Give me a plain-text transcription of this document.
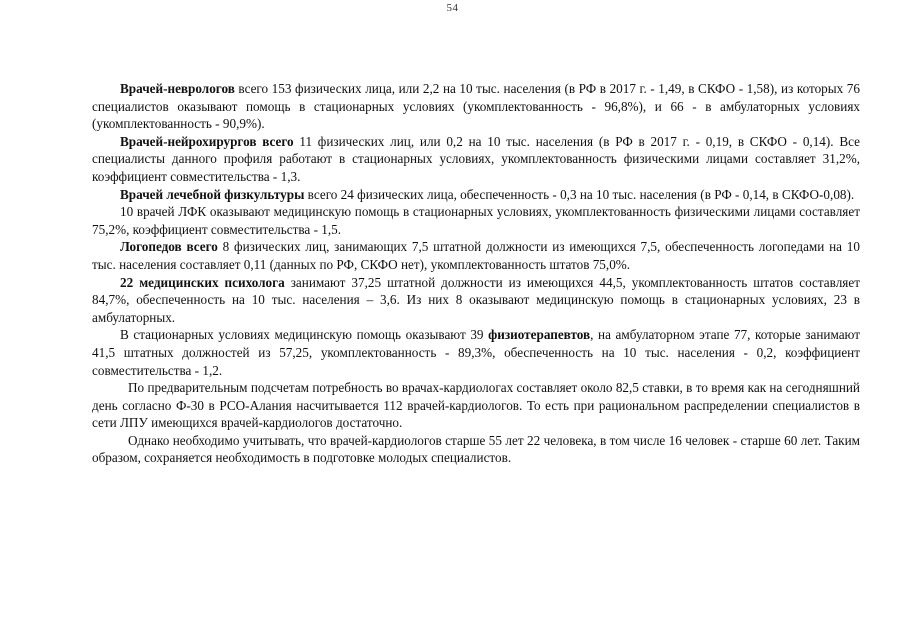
54

Врачей-неврологов всего 153 физических лица, или 2,2 на 10 тыс. населения (в РФ в 2017 г. - 1,49, в СКФО - 1,58), из которых 76 специалистов оказывают помощь в стационарных условиях (укомплектованность - 96,8%), и 66 - в амбулаторных условиях (укомплектованность - 90,9%).

Врачей-нейрохирургов всего 11 физических лиц, или 0,2 на 10 тыс. населения (в РФ в 2017 г. - 0,19, в СКФО - 0,14). Все специалисты данного профиля работают в стационарных условиях, укомплектованность физическими лицами составляет 31,2%, коэффициент совместительства - 1,3.

Врачей лечебной физкультуры всего 24 физических лица, обеспеченность - 0,3 на 10 тыс. населения (в РФ - 0,14, в СКФО-0,08).

10 врачей ЛФК оказывают медицинскую помощь в стационарных условиях, укомплектованность физическими лицами составляет 75,2%, коэффициент совместительства - 1,5.

Логопедов всего 8 физических лиц, занимающих 7,5 штатной должности из имеющихся 7,5, обеспеченность логопедами на 10 тыс. населения составляет 0,11 (данных по РФ, СКФО нет), укомплектованность штатов 75,0%.

22 медицинских психолога занимают 37,25 штатной должности из имеющихся 44,5, укомплектованность штатов составляет 84,7%, обеспеченность на 10 тыс. населения – 3,6. Из них 8 оказывают медицинскую помощь в стационарных условиях, 23 в амбулаторных.

В стационарных условиях медицинскую помощь оказывают 39 физиотерапевтов, на амбулаторном этапе 77, которые занимают 41,5 штатных должностей из 57,25, укомплектованность - 89,3%, обеспеченность на 10 тыс. населения - 0,2, коэффициент совместительства - 1,2.

По предварительным подсчетам потребность во врачах-кардиологах составляет около 82,5 ставки, в то время как на сегодняшний день согласно Ф-30 в РСО-Алания насчитывается 112 врачей-кардиологов. То есть при рациональном распределении специалистов в сети ЛПУ имеющихся врачей-кардиологов достаточно.

Однако необходимо учитывать, что врачей-кардиологов старше 55 лет 22 человека, в том числе 16 человек - старше 60 лет. Таким образом, сохраняется необходимость в подготовке молодых специалистов.
